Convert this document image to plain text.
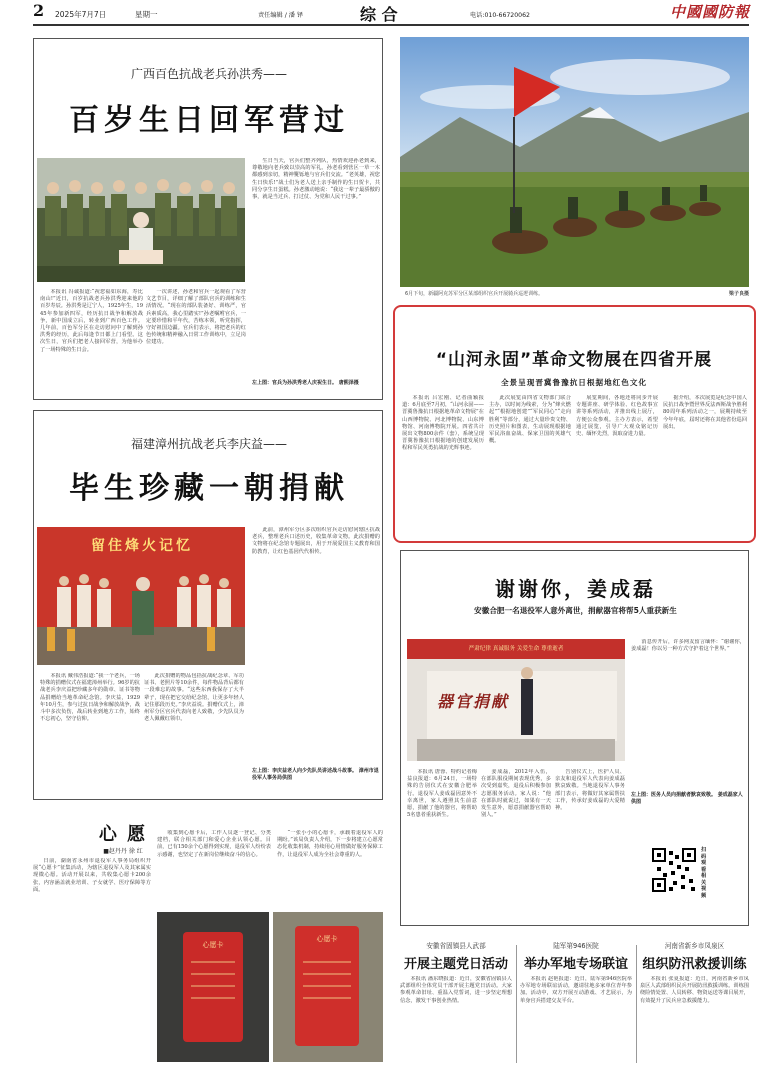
2 2025年7月7日	星期一	责任编辑 / 潘 铎	综 合	电话:010-66720062	中國國防報
广西百色抗战老兵孙洪秀——
百岁生日回军营过

本报讯 冯诚报道:“祝您福如东海，寿比南山!”近日，百岁抗战老兵孙洪秀迎来他的百岁寿辰。孙洪秀是辽宁人，1925年生，1945年参加新四军，经历抗日战争和解放战争，新中国成立后，转业到广西百色工作。几年前，百色军分区在走访慰问中了解到孙洪秀的经历，此后每逢节日都上门看望。这次生日，官兵们把老人接回军营，为他举办了一场特殊的生日会。

一次讲述，孙老和官兵一起观看了军营文艺节目，详细了解了部队官兵的训练和生活情况。“现在的部队装备好、训练严，官兵素质高，我心里踏实!”孙老嘱咐官兵，一定要珍惜和平年代，苦练本领，听党指挥，守好祖国边疆。官兵们表示，将把老兵的红色传统和精神融入日常工作训练中，立足岗位建功。

生日当天，官兵们整齐列队，热情欢迎孙老到来，尊敬地向老兵致以崇高的军礼。孙老看到营区一草一木都感到亲切，精神矍铄地与官兵们交流。“老英雄，祝您生日快乐!”战士们为老人送上亲手制作的生日贺卡，共同分享生日蛋糕。孙老激动地说：“我这一辈子最骄傲的事，就是当过兵、打过仗、为党和人民干过事。”

左上图：官兵为孙洪秀老人庆祝生日。 唐熙泽摄
福建漳州抗战老兵李庆益——
毕生珍藏一朝捐献
留住烽火记忆

本报讯 戴伟浩报道:“我一个老兵，一场特殊的捐赠仪式在福建漳州举行。96岁的抗战老兵李庆益把珍藏多年的勋章、证书等物品捐赠给当地革命纪念馆。李庆益，1929年10月生，参与过抗日战争和解放战争，战斗中多次负伤，战后转业到地方工作，始终不忘初心，坚守信仰。

此次捐赠的物品包括抗战纪念章、军功证书、老照片等10余件，每件物品背后都有一段难忘的故事。“这些东西我保存了大半辈子，现在把它交给纪念馆，让更多年轻人记住那段历史。”李庆益说。捐赠仪式上，漳州军分区官兵代表向老人致敬，少先队员为老人佩戴红领巾。

此前，漳州军分区多次组织官兵走访慰问辖区抗战老兵，整理老兵口述历史，收集革命文物。此次捐赠的文物将在纪念馆专题展出，用于开展爱国主义教育和国防教育，让红色基因代代相传。

左上图：李庆益老人向少先队员讲述战斗故事。 漳州市退役军人事务局供图
心 愿
■赵丹丹 徐 红

日前，湖南省永州市退役军人事务局组织开展“心愿卡”征集活动，为辖区退役军人及其家属实现微心愿。活动开展以来，共收集心愿卡200余张，内容涵盖就业培训、子女就学、医疗保障等方面。

收集到心愿卡后，工作人员逐一登记、分类建档，联合相关部门和爱心企业认领心愿。目前，已有150余个心愿得到实现，退役军人纷纷表示感谢，也坚定了在新岗位继续奋斗的信心。

“一张小小的心愿卡，承载着退役军人的期盼。”该局负责人介绍，下一步将建立心愿常态化收集机制，持续用心用情做好服务保障工作，让退役军人成为全社会尊重的人。

心愿卡
心愿卡
6月下旬，新疆阿克苏军分区某部组织官兵开展骑兵巡逻训练。	梁子良摄
“山河永固”革命文物展在四省开展
全景呈现晋冀鲁豫抗日根据地红色文化

本报讯 吕宏刚、记者曲颖报道：6月底至7月初，“山河永固——晋冀鲁豫抗日根据地革命文物展”在山西博物院、河北博物院、山东博物馆、河南博物院开展。四省共计展出文物800余件（套），系统呈现晋冀鲁豫抗日根据地的创建发展历程和军民英勇抗战的光辉事迹。

此次展览由四省文物部门联合主办，以时间为线索，分为“烽火燃起”“根据地创建”“军民同心”“走向胜利”等部分，通过大量珍贵文物、历史照片和图表，生动展现根据地军民浴血奋战、保家卫国的英雄气概。

展览期间，各地还将同步开展专题讲座、研学体验、红色故事宣讲等系列活动，并推出线上展厅，方便公众参观。主办方表示，希望通过展览，引导广大观众铭记历史、缅怀先烈，汲取奋进力量。

据介绍，本次展览是纪念中国人民抗日战争暨世界反法西斯战争胜利80周年系列活动之一，展期持续至今年年底，届时还将在其他省份巡回展出。

谢谢你，姜成磊
安徽合肥一名退役军人意外离世，捐献器官将帮5人重获新生
严肃纪律 真诚服务 关爱生命 尊重逝者
器官捐献

消息传开后，许多网友留言缅怀：“谢谢你，姜成磊！你以另一种方式守护着这个世界。”

左上图：医务人员向捐献者默哀致敬。 姜成磊家人供图

本报讯 唐蓉、特约记者梅益良报道：6月24日，一场特殊的告别仪式在安徽合肥举行。退役军人姜成磊因意外不幸离世，家人遵照其生前意愿，捐献了他的器官，将帮助5名患者重获新生。

姜成磊，2012年入伍，在部队服役期间表现优秀，多次受到嘉奖，退役后积极参加志愿服务活动。家人说：“他在部队时就说过，如果有一天发生意外，愿意捐献器官帮助别人。”

告别仪式上，医护人员、亲友和退役军人代表向姜成磊默哀致敬。当地退役军人事务部门表示，将做好其家属帮扶工作，传承好姜成磊的大爱精神。

扫码观看相关视频
安徽省固镇县人武部
开展主题党日活动

本报讯 潘东晓报道：近日，安徽省固镇县人武部组织全体党员干部开展主题党日活动。大家参观革命旧址、重温入党誓词，进一步坚定理想信念，激发干事创业热情。

陆军第946医院
举办军地专场联谊

本报讯 赵艳报道：近日，陆军第946医院举办军地专场联谊活动，邀请驻地多家单位青年参加。活动中，双方开展互动游戏、才艺展示，为单身官兵搭建交友平台。

河南省新乡市凤泉区
组织防汛救援训练

本报讯 张夏报道：近日，河南省新乡市凤泉区人武部组织民兵开展防汛救援训练。训练围绕险情处置、人员转移、物资运送等课目展开，有效提升了民兵应急救援能力。
